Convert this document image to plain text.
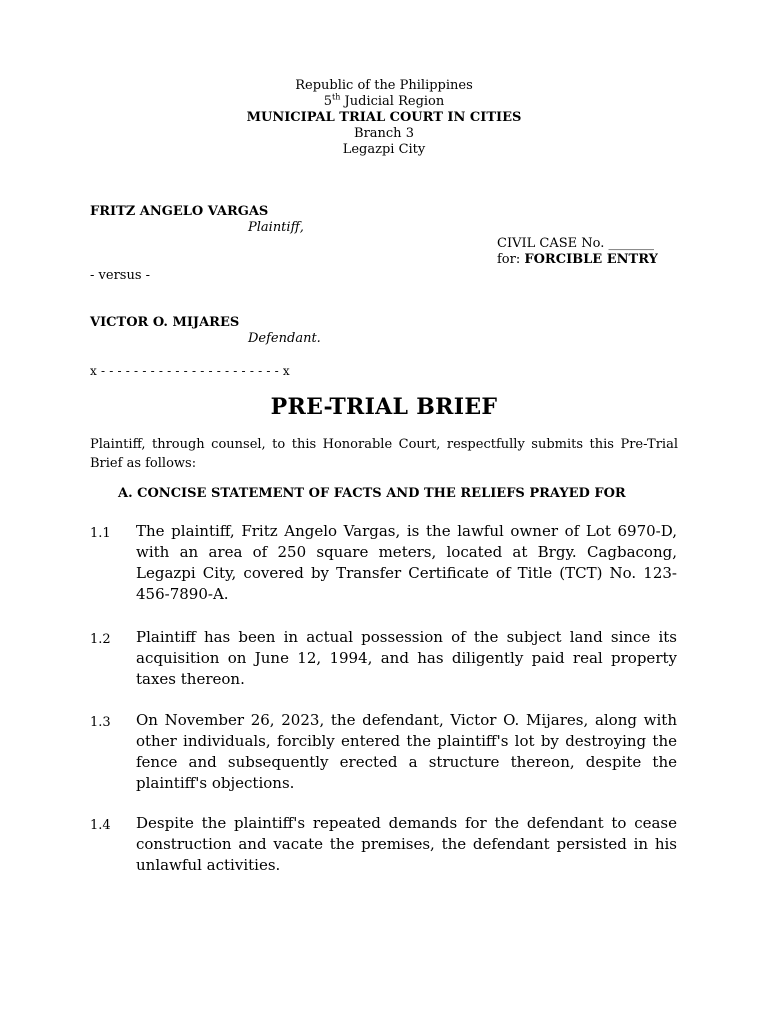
Republic of the Philippines
5th Judicial Region
MUNICIPAL TRIAL COURT IN CITIES
Branch 3
Legazpi City
FRITZ ANGELO VARGAS
Plaintiff,
CIVIL CASE No. _______
for: FORCIBLE ENTRY
- versus -
VICTOR O. MIJARES
Defendant.
x - - - - - - - - - - - - - - - - - - - - - - x
PRE-TRIAL BRIEF
Plaintiff, through counsel, to this Honorable Court, respectfully submits this Pre-Trial Brief as follows:
A. CONCISE STATEMENT OF FACTS AND THE RELIEFS PRAYED FOR
1.1 The plaintiff, Fritz Angelo Vargas, is the lawful owner of Lot 6970-D, with an area of 250 square meters, located at Brgy. Cagbacong, Legazpi City, covered by Transfer Certificate of Title (TCT) No. 123-456-7890-A.
1.2 Plaintiff has been in actual possession of the subject land since its acquisition on June 12, 1994, and has diligently paid real property taxes thereon.
1.3 On November 26, 2023, the defendant, Victor O. Mijares, along with other individuals, forcibly entered the plaintiff's lot by destroying the fence and subsequently erected a structure thereon, despite the plaintiff's objections.
1.4 Despite the plaintiff's repeated demands for the defendant to cease construction and vacate the premises, the defendant persisted in his unlawful activities.
